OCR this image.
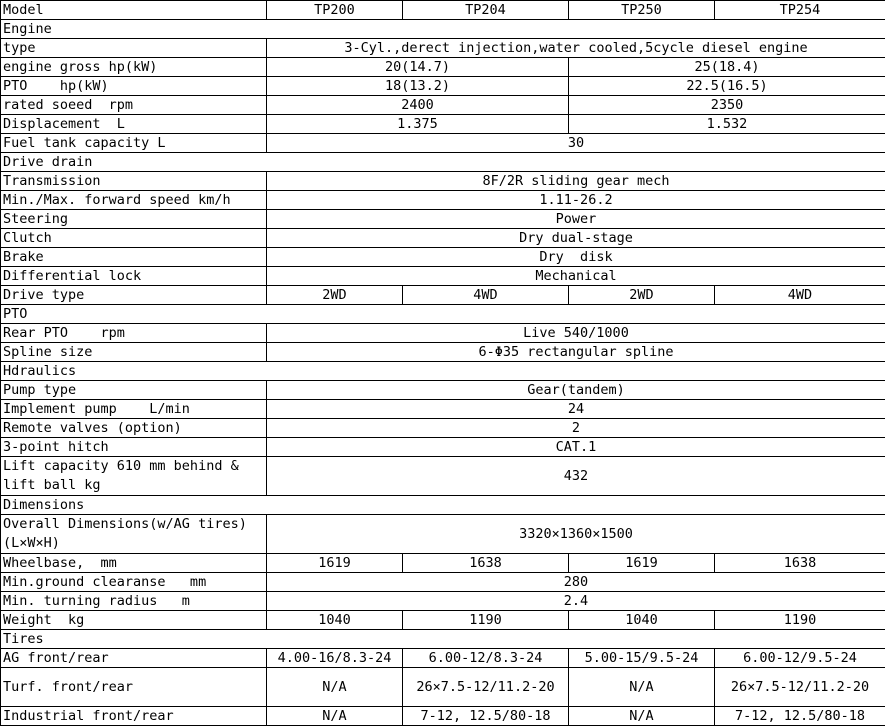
Model	TP200	TP204	TP250	TP254
Engine				
type	3-Cyl.,derect injection,water cooled,5cycle diesel engine			
engine gross hp(kW)	20(14.7)		25(18.4)	
PTO    hp(kW)	18(13.2)		22.5(16.5)	
rated soeed  rpm	2400		2350	
Displacement  L	1.375		1.532	
Fuel tank capacity L	30			
Drive drain				
Transmission	8F/2R sliding gear mech			
Min./Max. forward speed km/h	1.11-26.2			
Steering	Power			
Clutch	Dry dual-stage			
Brake	Dry  disk			
Differential lock	Mechanical			
Drive type	2WD	4WD	2WD	4WD
PTO				
Rear PTO    rpm	Live 540/1000			
Spline size	6-Φ35 rectangular spline			
Hdraulics				
Pump type	Gear(tandem)			
Implement pump    L/min	24			
Remote valves (option)	2			
3-point hitch	CAT.1			
Lift capacity 610 mm behind & lift ball kg	432			
Dimensions				
Overall Dimensions(w/AG tires) (L×W×H)	3320×1360×1500			
Wheelbase,  mm	1619	1638	1619	1638
Min.ground clearanse   mm	280			
Min. turning radius   m	2.4			
Weight  kg	1040	1190	1040	1190
Tires				
AG front/rear	4.00-16/8.3-24	6.00-12/8.3-24	5.00-15/9.5-24	6.00-12/9.5-24
Turf. front/rear	N/A	26×7.5-12/11.2-20	N/A	26×7.5-12/11.2-20
Industrial front/rear	N/A	7-12, 12.5/80-18	N/A	7-12, 12.5/80-18
